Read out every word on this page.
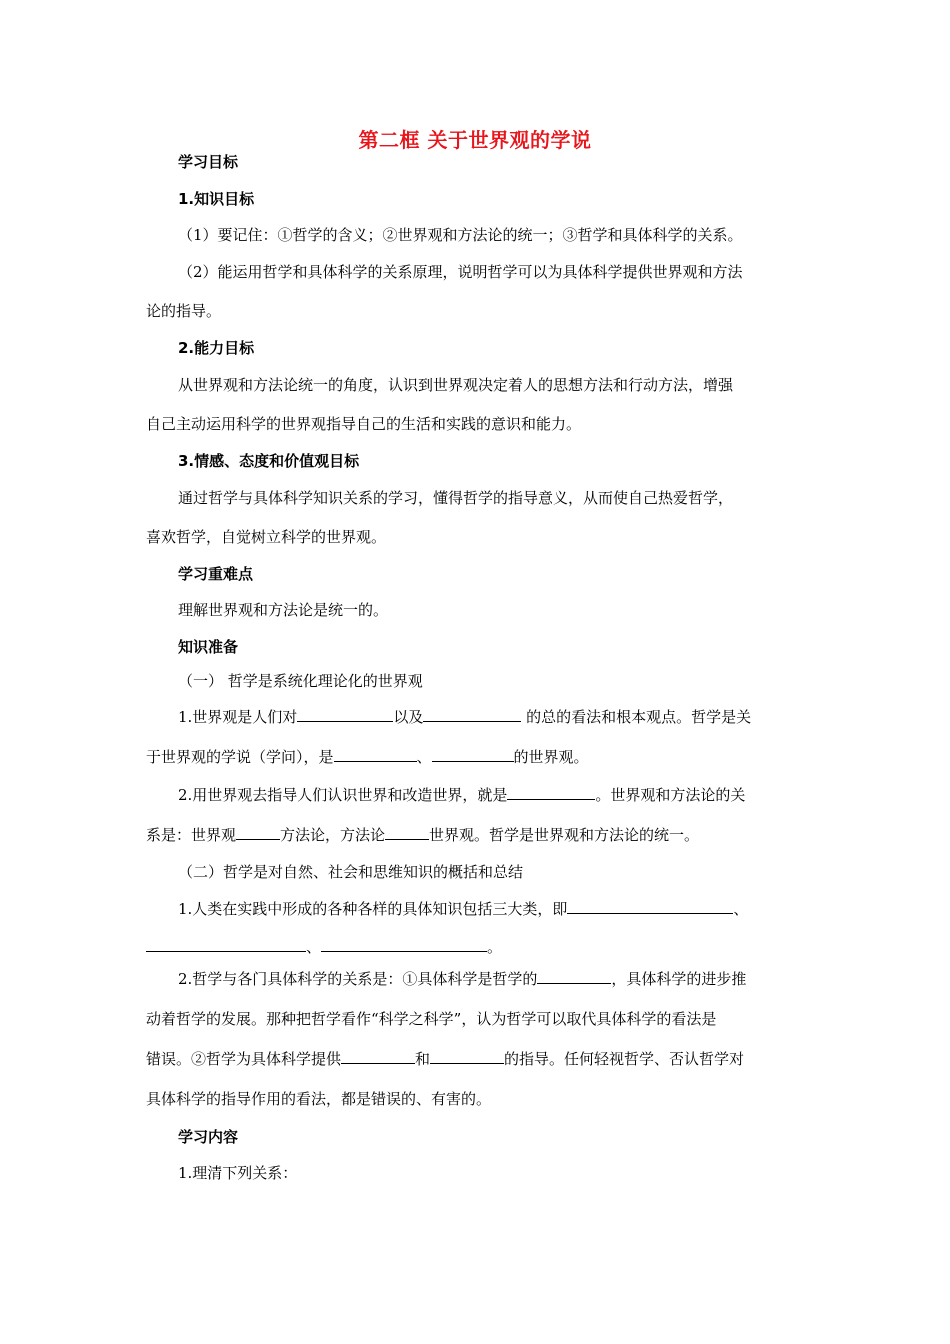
第二框 关于世界观的学说
学习目标
1.知识目标
（1）要记住：①哲学的含义；②世界观和方法论的统一；③哲学和具体科学的关系。
（2）能运用哲学和具体科学的关系原理，说明哲学可以为具体科学提供世界观和方法
论的指导。
2.能力目标
从世界观和方法论统一的角度，认识到世界观决定着人的思想方法和行动方法，增强
自己主动运用科学的世界观指导自己的生活和实践的意识和能力。
3.情感、态度和价值观目标
通过哲学与具体科学知识关系的学习，懂得哲学的指导意义，从而使自己热爱哲学，
喜欢哲学，自觉树立科学的世界观。
学习重难点
理解世界观和方法论是统一的。
知识准备
（一） 哲学是系统化理论化的世界观
1.世界观是人们对	以及	的总的看法和根本观点。哲学是关
于世界观的学说（学问），是	、	的世界观。
2.用世界观去指导人们认识世界和改造世界，就是	。世界观和方法论的关
系是：世界观	方法论，方法论	世界观。哲学是世界观和方法论的统一。
（二）哲学是对自然、社会和思维知识的概括和总结
1.人类在实践中形成的各种各样的具体知识包括三大类，即	、
、	。
2.哲学与各门具体科学的关系是：①具体科学是哲学的	，具体科学的进步推
动着哲学的发展。那种把哲学看作“科学之科学”，认为哲学可以取代具体科学的看法是
错误。②哲学为具体科学提供	和	的指导。任何轻视哲学、否认哲学对
具体科学的指导作用的看法，都是错误的、有害的。
学习内容
1.理清下列关系：
